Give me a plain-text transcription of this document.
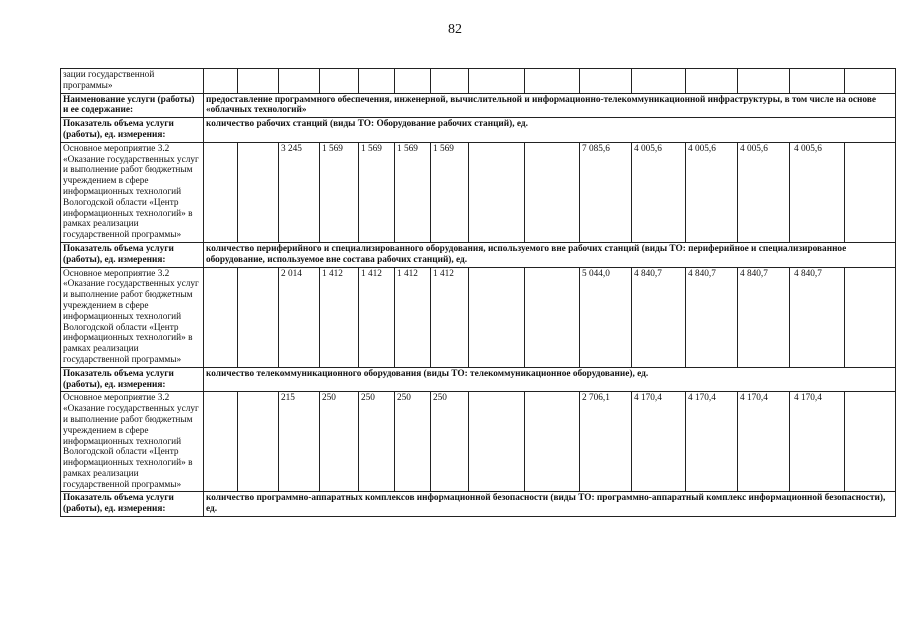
82
зации государственной программы»															
Наименование услуги (работы) и ее содержание:	предоставление программного обеспечения, инженерной, вычислительной и информационно-телекоммуникационной инфраструктуры, в том числе на основе «облачных технологий»														
Показатель объема услуги (работы), ед. измерения:	количество рабочих станций (виды ТО: Оборудование рабочих станций), ед.														
Основное мероприятие 3.2 «Оказание государственных услуг и выполнение работ бюджетным учреждением в сфере информационных технологий Вологодской области «Центр информационных технологий» в рамках реализации государственной программы»			3 245	1 569	1 569	1 569	1 569			7 085,6	4 005,6	4 005,6	4 005,6	4 005,6	
Показатель объема услуги (работы), ед. измерения:	количество периферийного и специализированного оборудования, используемого вне рабочих станций (виды ТО: периферийное и специализированное оборудование, используемое вне состава рабочих станций), ед.														
Основное мероприятие 3.2 «Оказание государственных услуг и выполнение работ бюджетным учреждением в сфере информационных технологий Вологодской области «Центр информационных технологий» в рамках реализации государственной программы»			2 014	1 412	1 412	1 412	1 412			5 044,0	4 840,7	4 840,7	4 840,7	4 840,7	
Показатель объема услуги (работы), ед. измерения:	количество телекоммуникационного оборудования (виды ТО: телекоммуникационное оборудование), ед.														
Основное мероприятие 3.2 «Оказание государственных услуг и выполнение работ бюджетным учреждением в сфере информационных технологий Вологодской области «Центр информационных технологий» в рамках реализации государственной программы»			215	250	250	250	250			2 706,1	4 170,4	4 170,4	4 170,4	4 170,4	
Показатель объема услуги (работы), ед. измерения:	количество программно-аппаратных комплексов информационной безопасности (виды ТО: программно-аппаратный комплекс информационной безопасности), ед.														
